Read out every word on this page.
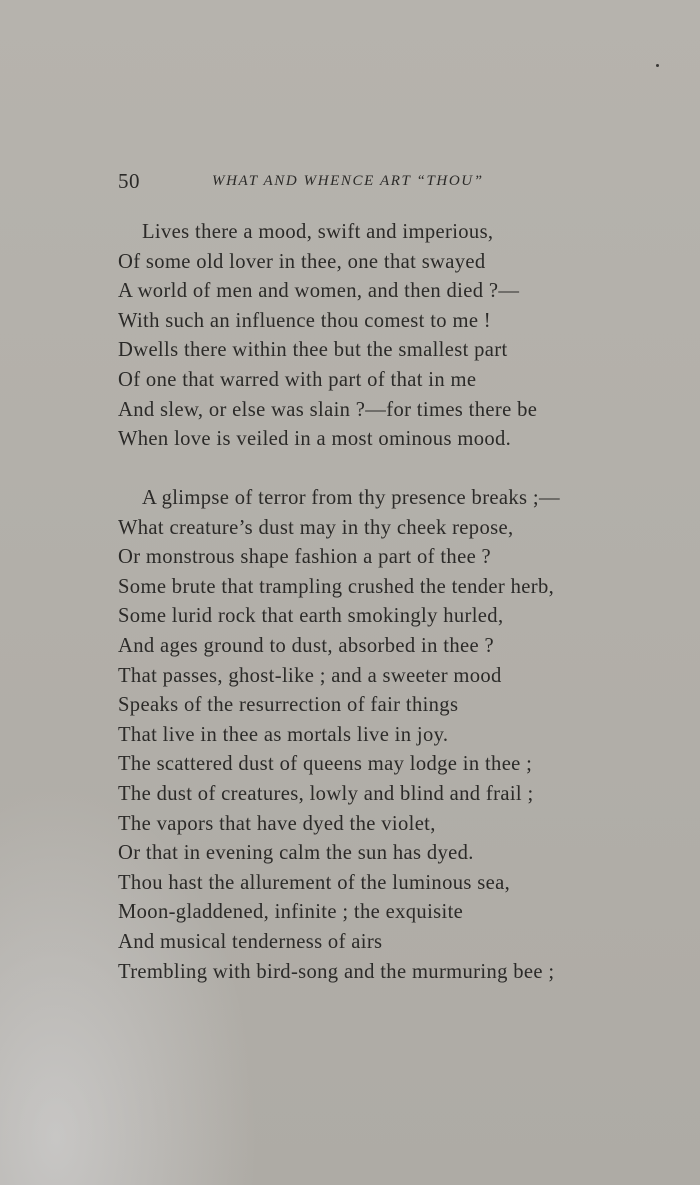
50	WHAT AND WHENCE ART “THOU”
Lives there a mood, swift and imperious,
Of some old lover in thee, one that swayed
A world of men and women, and then died ?—
With such an influence thou comest to me !
Dwells there within thee but the smallest part
Of one that warred with part of that in me
And slew, or else was slain ?—for times there be
When love is veiled in a most ominous mood.
A glimpse of terror from thy presence breaks ;—
What creature’s dust may in thy cheek repose,
Or monstrous shape fashion a part of thee ?
Some brute that trampling crushed the tender herb,
Some lurid rock that earth smokingly hurled,
And ages ground to dust, absorbed in thee ?
That passes, ghost-like ; and a sweeter mood
Speaks of the resurrection of fair things
That live in thee as mortals live in joy.
The scattered dust of queens may lodge in thee ;
The dust of creatures, lowly and blind and frail ;
The vapors that have dyed the violet,
Or that in evening calm the sun has dyed.
Thou hast the allurement of the luminous sea,
Moon-gladdened, infinite ; the exquisite
And musical tenderness of airs
Trembling with bird-song and the murmuring bee ;
